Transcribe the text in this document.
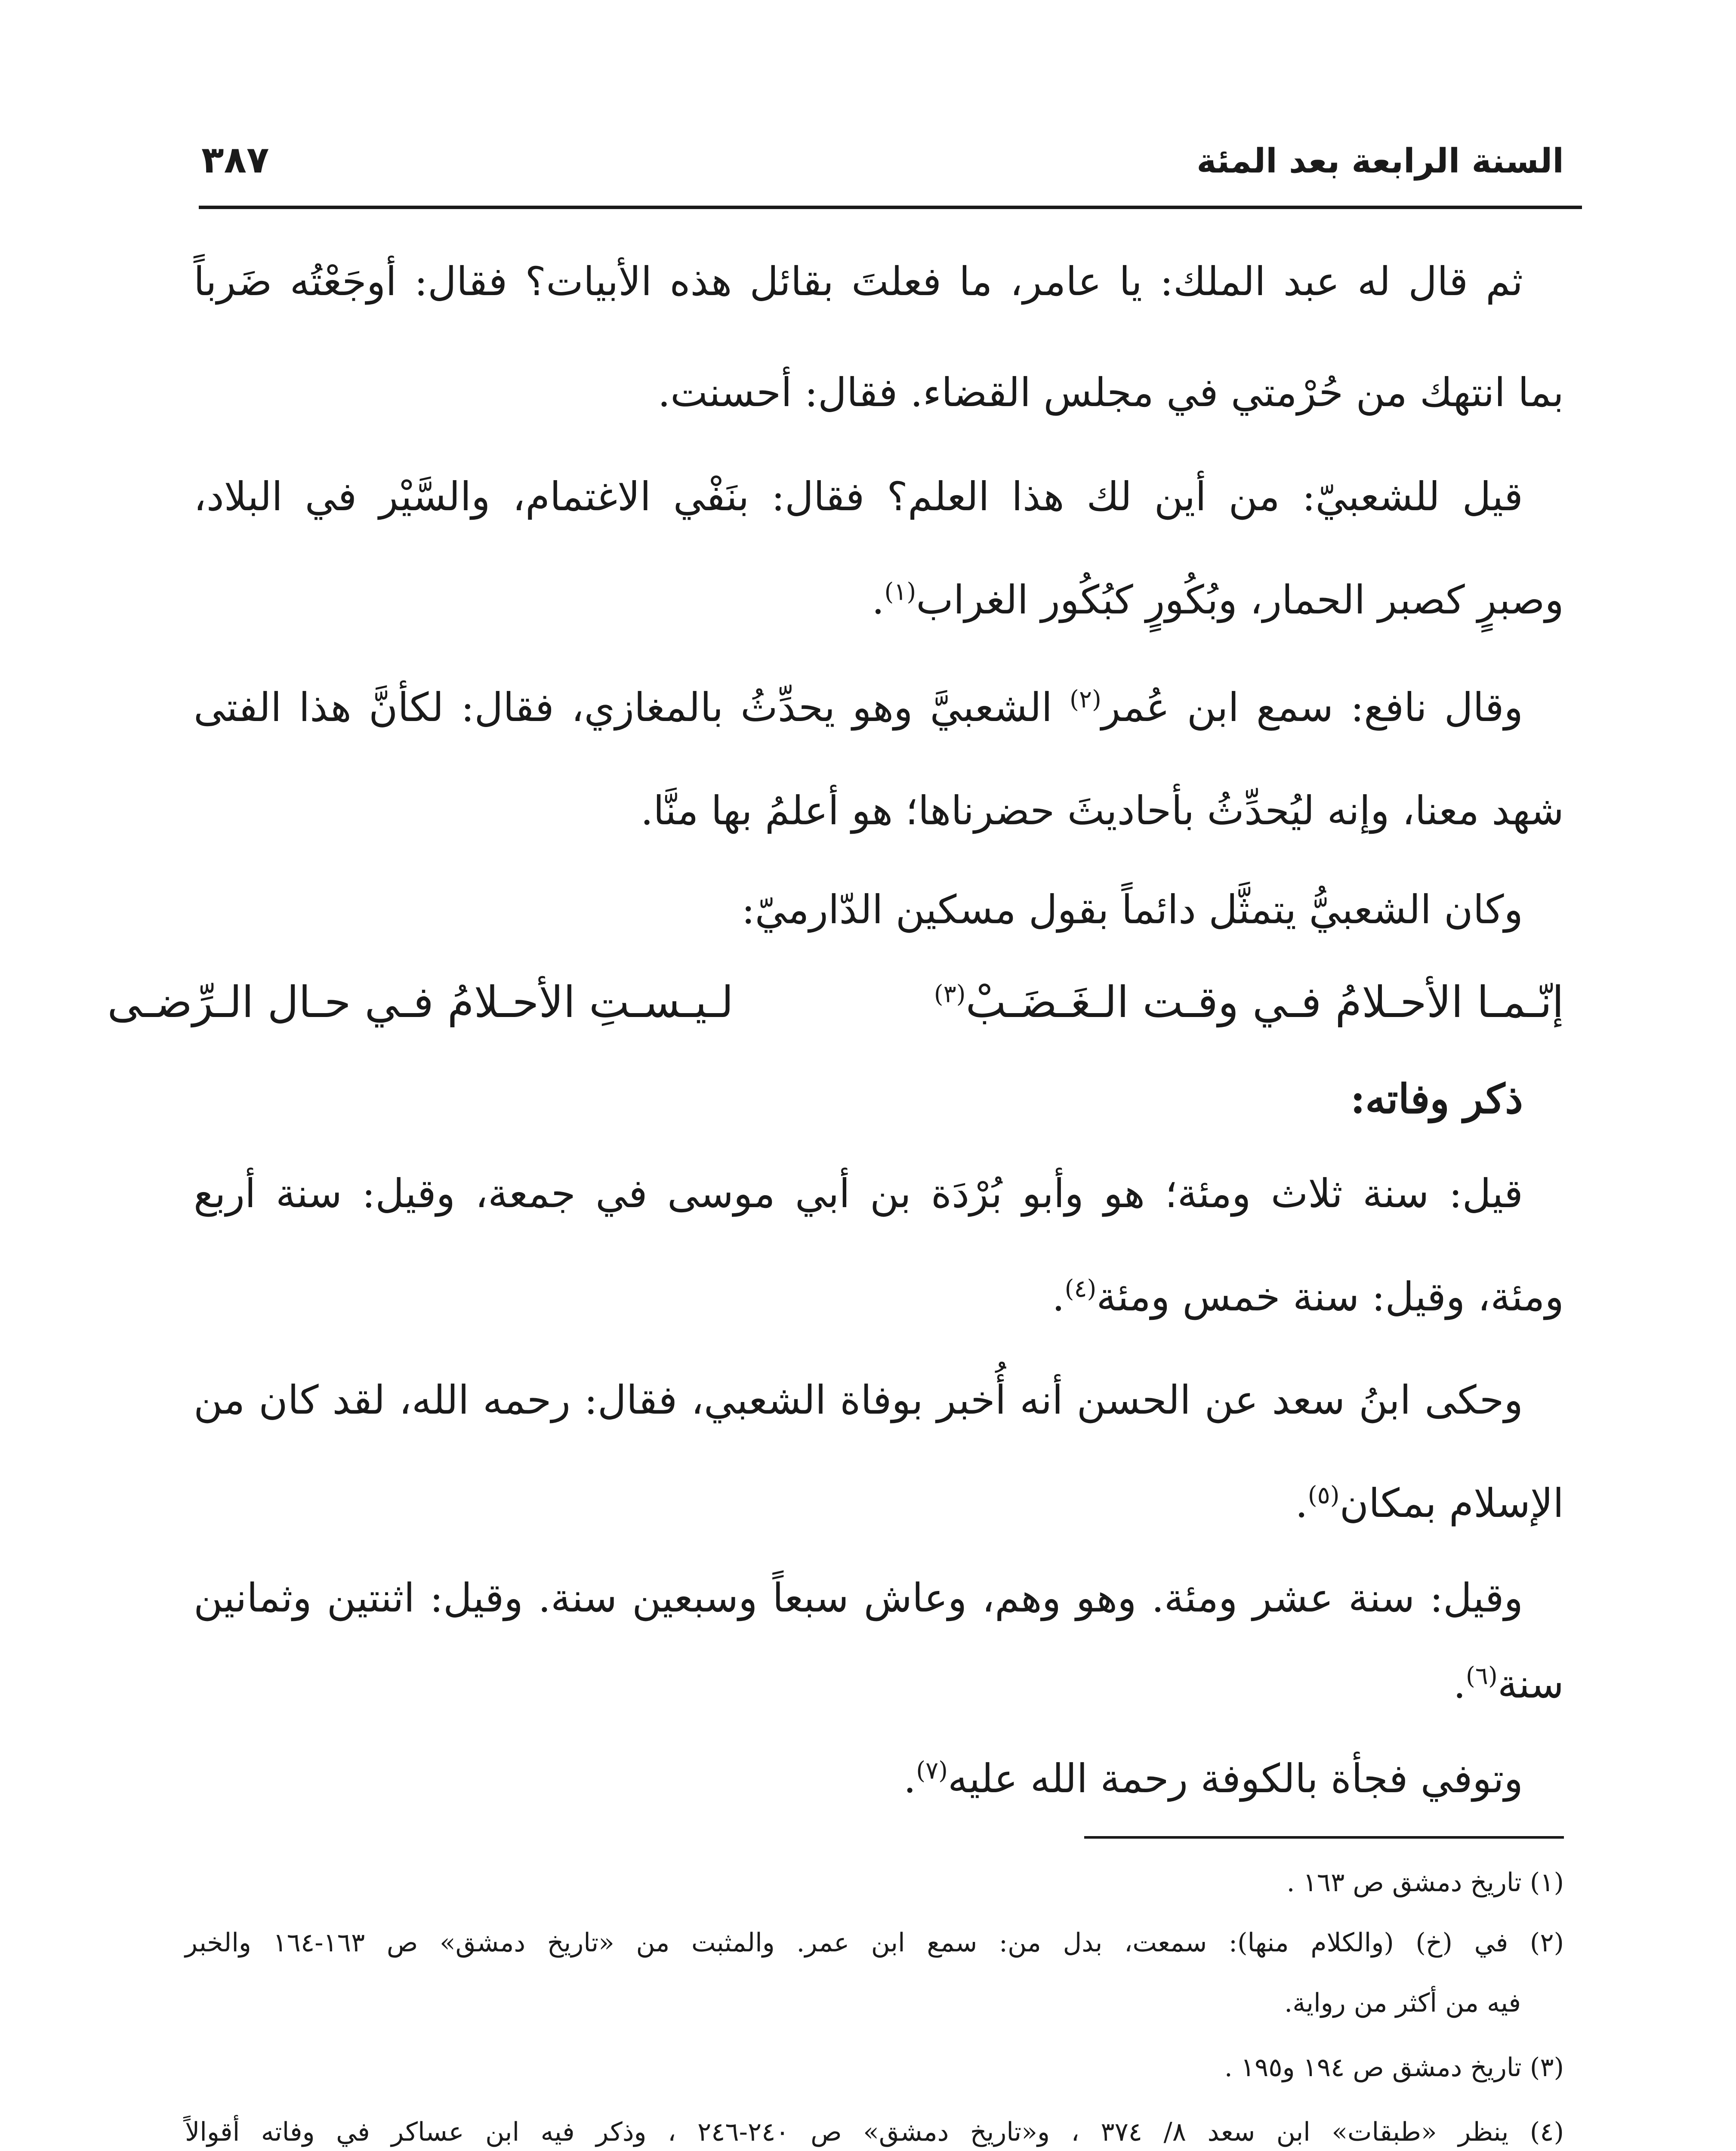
السنة الرابعة بعد المئة
٣٨٧
ثم قال له عبد الملك: يا عامر، ما فعلتَ بقائل هذه الأبيات؟ فقال: أوجَعْتُه ضَرباً
بما انتهك من حُرْمتي في مجلس القضاء. فقال: أحسنت.
قيل للشعبيّ: من أين لك هذا العلم؟ فقال: بنَفْي الاغتمام، والسَّيْر في البلاد،
وصبرٍ كصبر الحمار، وبُكُورٍ كبُكُور الغراب$^{(١)}$.
وقال نافع: سمع ابن عُمر$^{(٢)}$ الشعبيَّ وهو يحدِّثُ بالمغازي، فقال: لكأنَّ هذا الفتى
شهد معنا، وإنه ليُحدِّثُ بأحاديثَ حضرناها؛ هو أعلمُ بها منَّا.
وكان الشعبيُّ يتمثَّل دائماً بقول مسكين الدّارميّ:
لـيـسـتِ الأحـلامُ فـي حـال الـرِّضـى	إنّـمـا الأحـلامُ فـي وقـت الـغَـضَـبْ$^{(٣)}$
ذكر وفاته:
قيل: سنة ثلاث ومئة؛ هو وأبو بُرْدَة بن أبي موسى في جمعة، وقيل: سنة أربع
ومئة، وقيل: سنة خمس ومئة$^{(٤)}$.
وحكى ابنُ سعد عن الحسن أنه أُخبر بوفاة الشعبي، فقال: رحمه الله، لقد كان من
الإسلام بمكان$^{(٥)}$.
وقيل: سنة عشر ومئة. وهو وهم، وعاش سبعاً وسبعين سنة. وقيل: اثنتين وثمانين
سنة$^{(٦)}$.
وتوفي فجأة بالكوفة رحمة الله عليه$^{(٧)}$.
(١) تاريخ دمشق ص ١٦٣ .
(٢) في (خ) (والكلام منها): سمعت، بدل من: سمع ابن عمر. والمثبت من «تاريخ دمشق» ص ١٦٣-١٦٤ والخبر
فيه من أكثر من رواية.
(٣) تاريخ دمشق ص ١٩٤ و١٩٥ .
(٤) ينظر «طبقات» ابن سعد ٨/ ٣٧٤ ، و«تاريخ دمشق» ص ٢٤٠-٢٤٦ ، وذكر فيه ابن عساكر في وفاته أقوالاً
